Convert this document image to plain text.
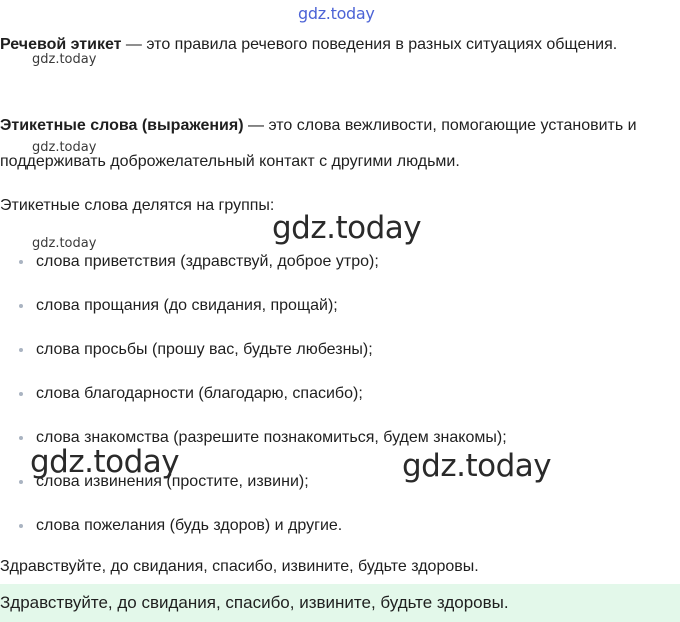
gdz.today

Речевой этикет — это правила речевого поведения в разных ситуациях общения.

Этикетные слова (выражения) — это слова вежливости, помогающие установить и поддерживать доброжелательный контакт с другими людьми.

Этикетные слова делятся на группы:

слова приветствия (здравствуй, доброе утро);
слова прощания (до свидания, прощай);
слова просьбы (прошу вас, будьте любезны);
слова благодарности (благодарю, спасибо);
слова знакомства (разрешите познакомиться, будем знакомы);
слова извинения (простите, извини);
слова пожелания (будь здоров) и другие.
Здравствуйте, до свидания, спасибо, извините, будьте здоровы.
Здравствуйте, до свидания, спасибо, извините, будьте здоровы.
gdz.today
gdz.today
gdz.today	gdz.today
gdz.today	gdz.today
